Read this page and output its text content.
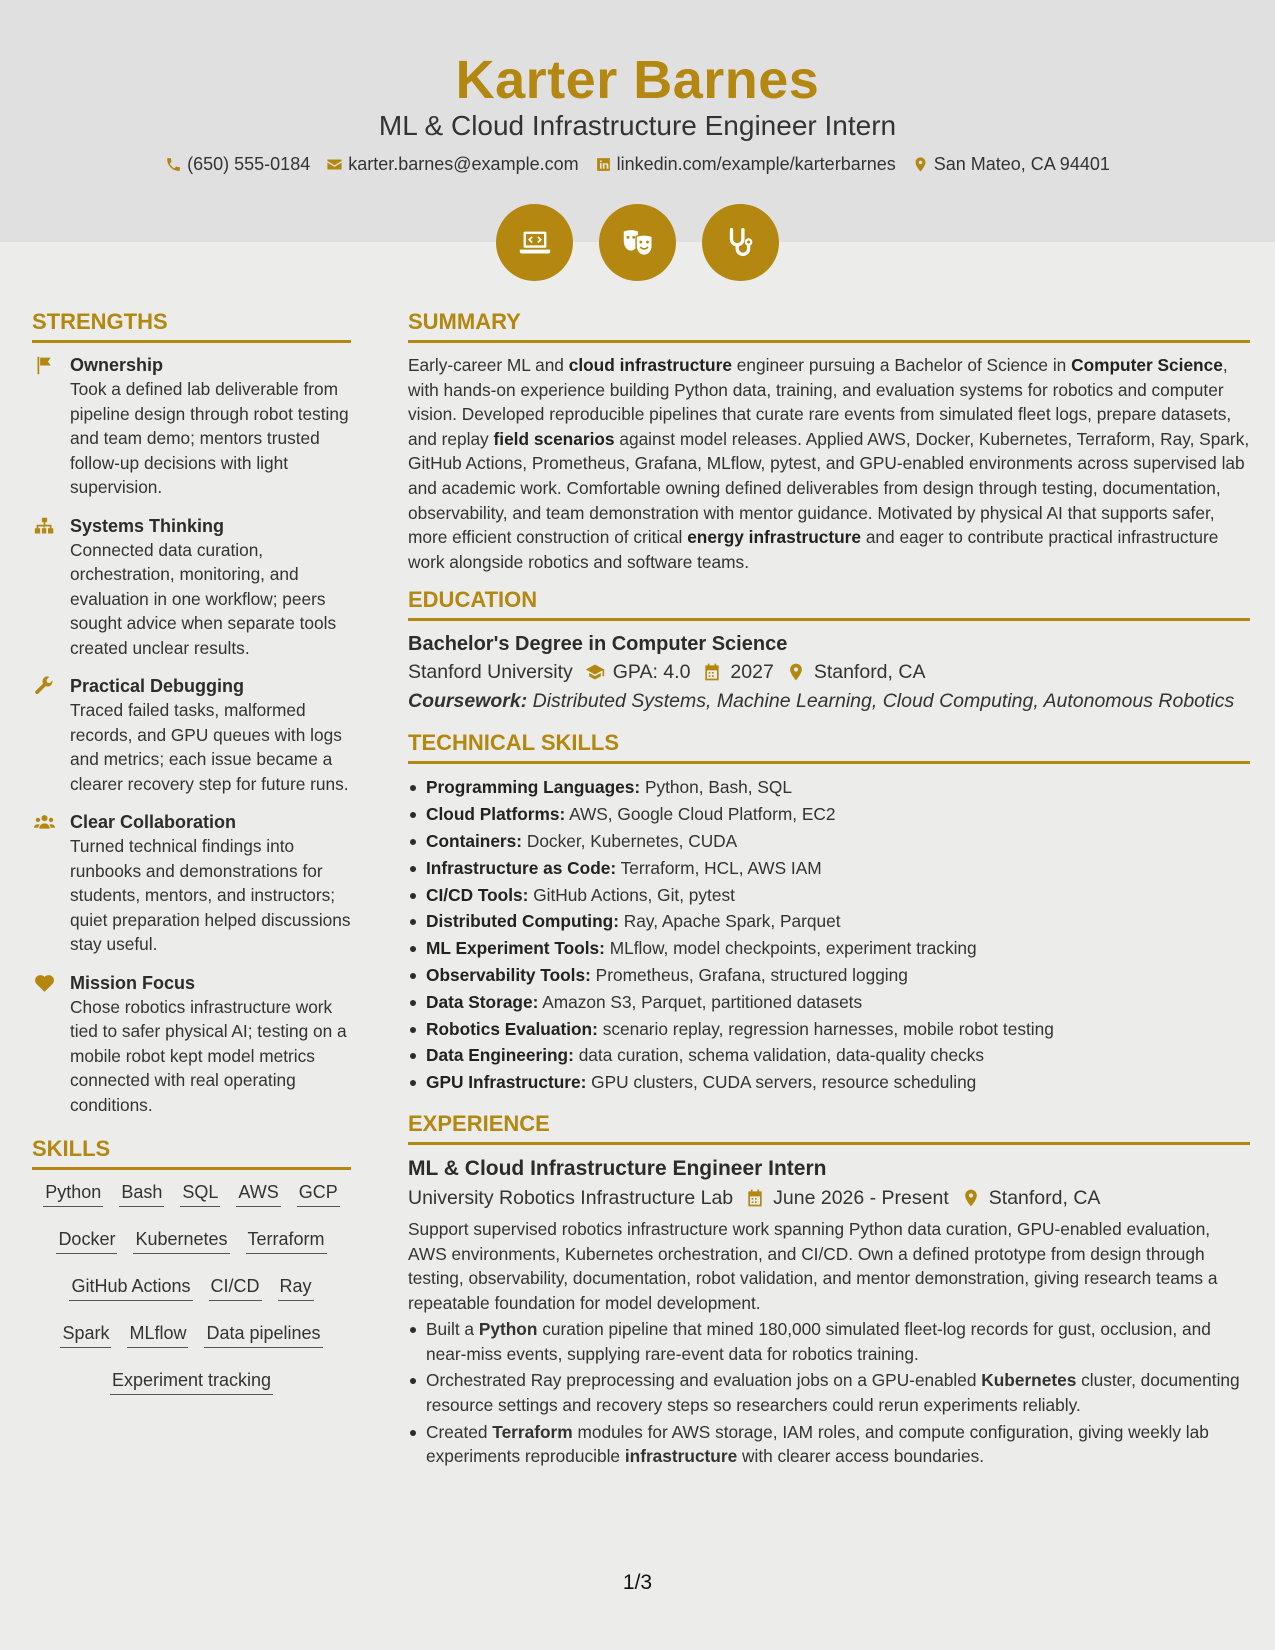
Karter Barnes
ML & Cloud Infrastructure Engineer Intern
(650) 555-0184 karter.barnes@example.com linkedin.com/example/karterbarnes San Mateo, CA 94401
STRENGTHS
Ownership
Took a defined lab deliverable from pipeline design through robot testing and team demo; mentors trusted follow-up decisions with light supervision.
Systems Thinking
Connected data curation, orchestration, monitoring, and evaluation in one workflow; peers sought advice when separate tools created unclear results.
Practical Debugging
Traced failed tasks, malformed records, and GPU queues with logs and metrics; each issue became a clearer recovery step for future runs.
Clear Collaboration
Turned technical findings into runbooks and demonstrations for students, mentors, and instructors; quiet preparation helped discussions stay useful.
Mission Focus
Chose robotics infrastructure work tied to safer physical AI; testing on a mobile robot kept model metrics connected with real operating conditions.
SKILLS
Python Bash SQL AWS GCP
Docker Kubernetes Terraform
GitHub Actions CI/CD Ray
Spark MLflow Data pipelines
Experiment tracking
SUMMARY
Early-career ML and cloud infrastructure engineer pursuing a Bachelor of Science in Computer Science, with hands-on experience building Python data, training, and evaluation systems for robotics and computer vision. Developed reproducible pipelines that curate rare events from simulated fleet logs, prepare datasets, and replay field scenarios against model releases. Applied AWS, Docker, Kubernetes, Terraform, Ray, Spark, GitHub Actions, Prometheus, Grafana, MLflow, pytest, and GPU-enabled environments across supervised lab and academic work. Comfortable owning defined deliverables from design through testing, documentation, observability, and team demonstration with mentor guidance. Motivated by physical AI that supports safer, more efficient construction of critical energy infrastructure and eager to contribute practical infrastructure work alongside robotics and software teams.
EDUCATION
Bachelor's Degree in Computer Science
Stanford University GPA: 4.0 2027 Stanford, CA
Coursework: Distributed Systems, Machine Learning, Cloud Computing, Autonomous Robotics
TECHNICAL SKILLS
Programming Languages: Python, Bash, SQL
Cloud Platforms: AWS, Google Cloud Platform, EC2
Containers: Docker, Kubernetes, CUDA
Infrastructure as Code: Terraform, HCL, AWS IAM
CI/CD Tools: GitHub Actions, Git, pytest
Distributed Computing: Ray, Apache Spark, Parquet
ML Experiment Tools: MLflow, model checkpoints, experiment tracking
Observability Tools: Prometheus, Grafana, structured logging
Data Storage: Amazon S3, Parquet, partitioned datasets
Robotics Evaluation: scenario replay, regression harnesses, mobile robot testing
Data Engineering: data curation, schema validation, data-quality checks
GPU Infrastructure: GPU clusters, CUDA servers, resource scheduling
EXPERIENCE
ML & Cloud Infrastructure Engineer Intern
University Robotics Infrastructure Lab June 2026 - Present Stanford, CA
Support supervised robotics infrastructure work spanning Python data curation, GPU-enabled evaluation, AWS environments, Kubernetes orchestration, and CI/CD. Own a defined prototype from design through testing, observability, documentation, robot validation, and mentor demonstration, giving research teams a repeatable foundation for model development.
Built a Python curation pipeline that mined 180,000 simulated fleet-log records for gust, occlusion, and near-miss events, supplying rare-event data for robotics training.
Orchestrated Ray preprocessing and evaluation jobs on a GPU-enabled Kubernetes cluster, documenting resource settings and recovery steps so researchers could rerun experiments reliably.
Created Terraform modules for AWS storage, IAM roles, and compute configuration, giving weekly lab experiments reproducible infrastructure with clearer access boundaries.
1/3
